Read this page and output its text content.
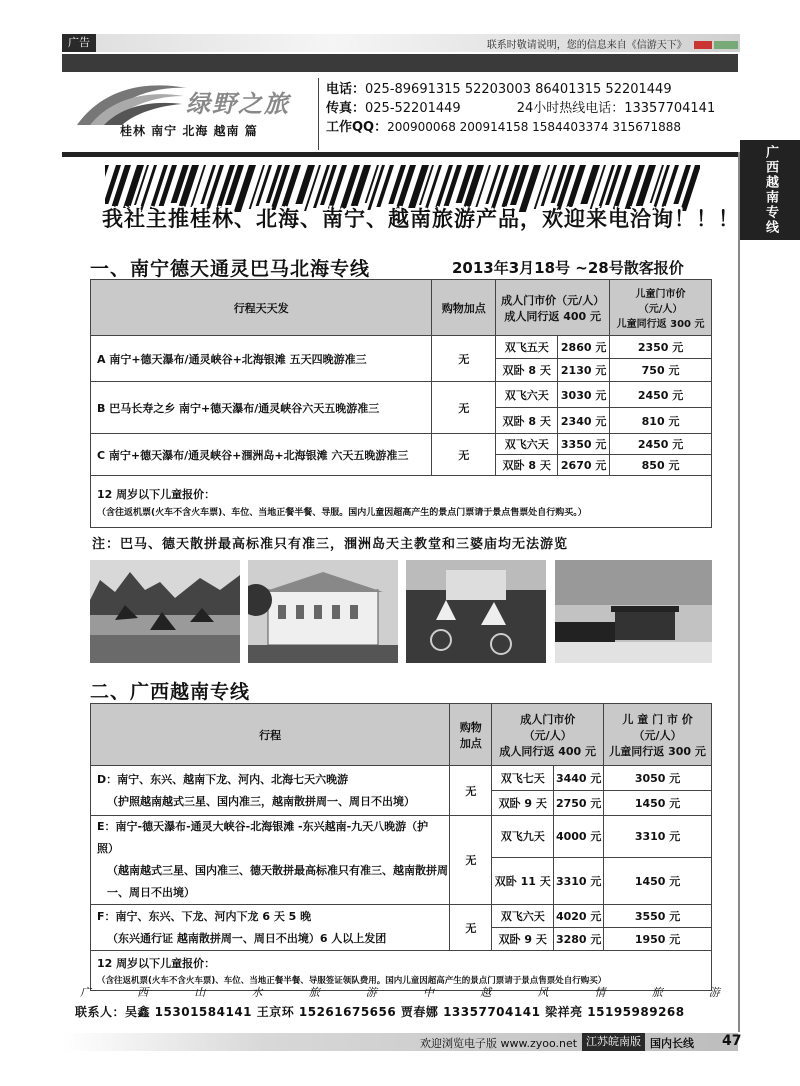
广告	联系时敬请说明，您的信息来自《信游天下》
绿野之旅
桂林 南宁 北海 越南 篇
电话：025-89691315 52203003 86401315 52201449
传真：025-52201449	24小时热线电话：13357704141
工作QQ：200900068 200914158 1584403374 315671888
广西越南专线
我社主推桂林、北海、南宁、越南旅游产品，欢迎来电洽询！！！
一、南宁德天通灵巴马北海专线	2013年3月18号 ~28号散客报价
行程天天发	购物加点	成人门市价（元/人）
成人同行返 400 元		儿童门市价
（元/人）
儿童同行返 300 元
A 南宁+德天瀑布/通灵峡谷+北海银滩 五天四晚游准三	无	双飞五天	2860 元	2350 元
		双卧 8 天	2130 元	750 元
B 巴马长寿之乡 南宁+德天瀑布/通灵峡谷六天五晚游准三	无	双飞六天	3030 元	2450 元
		双卧 8 天	2340 元	810 元
C 南宁+德天瀑布/通灵峡谷+涠洲岛+北海银滩 六天五晚游准三	无	双飞六天	3350 元	2450 元
		双卧 8 天	2670 元	850 元
12 周岁以下儿童报价：
（含往返机票(火车不含火车票)、车位、当地正餐半餐、导服。国内儿童因超高产生的景点门票请于景点售票处自行购买。）				
注：巴马、德天散拼最高标准只有准三，涠洲岛天主教堂和三婆庙均无法游览
二、广西越南专线
行程	购物
加点	成人门市价
（元/人）
成人同行返 400 元		儿 童 门 市 价
（元/人）
儿童同行返 300 元
D：南宁、东兴、越南下龙、河内、北海七天六晚游
（护照越南越式三星、国内准三，越南散拼周一、周日不出境）	无	双飞七天	3440 元	3050 元
		双卧 9 天	2750 元	1450 元
E：南宁-德天瀑布-通灵大峡谷-北海银滩 -东兴越南-九天八晚游（护照）
（越南越式三星、国内准三、德天散拼最高标准只有准三、越南散拼周
一、周日不出境）	无	双飞九天	4000 元	3310 元
		双卧 11 天	3310 元	1450 元
F：南宁、东兴、下龙、河内下龙 6 天 5 晚
（东兴通行证 越南散拼周一、周日不出境）6 人以上发团	无	双飞六天	4020 元	3550 元
		双卧 9 天	3280 元	1950 元
12 周岁以下儿童报价：
（含往返机票(火车不含火车票)、车位、当地正餐半餐、导服签证领队费用。国内儿童因超高产生的景点门票请于景点售票处自行购买）				
广	西	山	水	旅	游	中	越	风	情	旅	游
联系人：吴鑫 15301584141 王京环 15261675656 贾春娜 13357704141 梁祥亮 15195989268
欢迎浏览电子版 www.zyoo.net 江苏皖南版 国内长线 47
